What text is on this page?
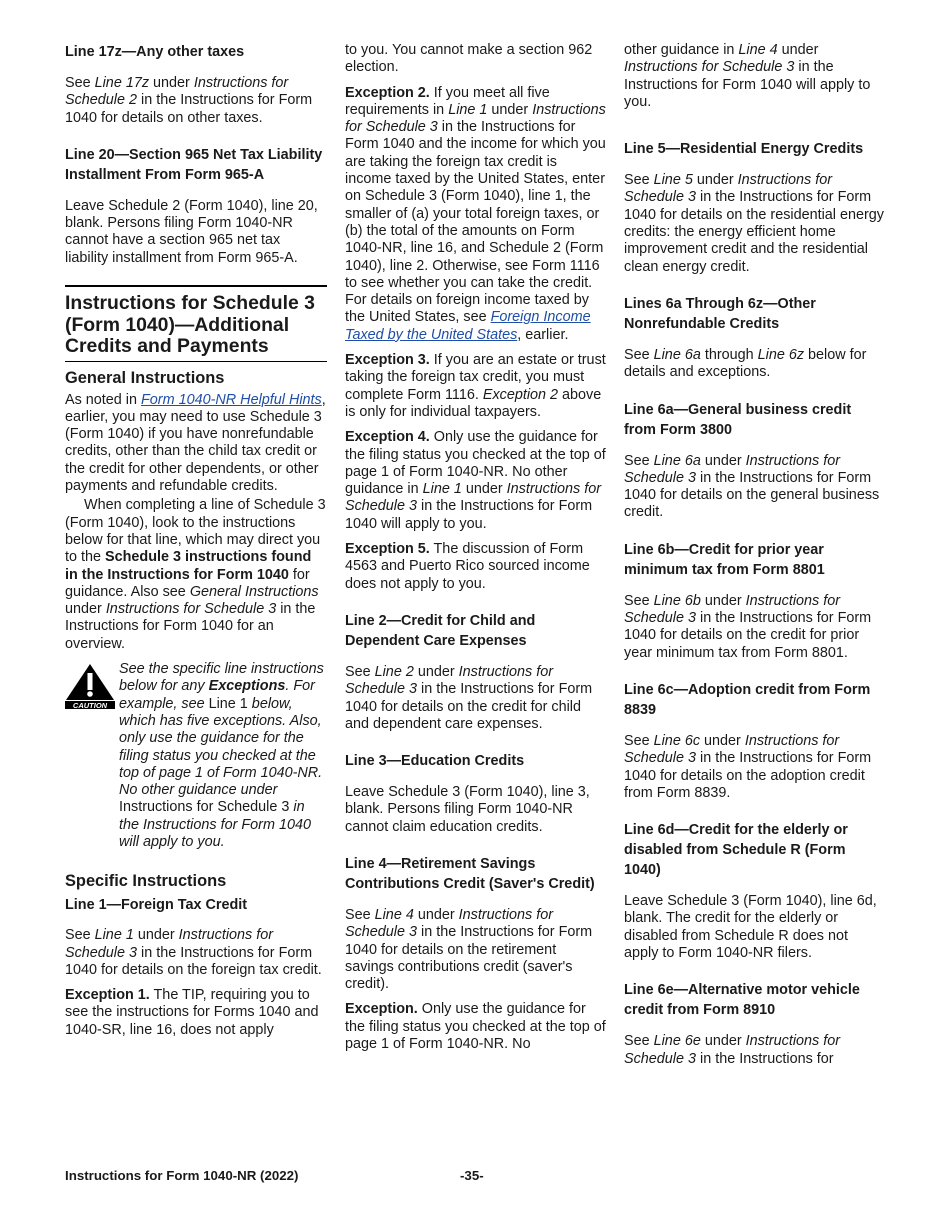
Line 17z—Any other taxes

See Line 17z under Instructions for Schedule 2 in the Instructions for Form 1040 for details on other taxes.

Line 20—Section 965 Net Tax Liability Installment From Form 965-A

Leave Schedule 2 (Form 1040), line 20, blank. Persons filing Form 1040-NR cannot have a section 965 net tax liability installment from Form 965-A.

Instructions for Schedule 3 (Form 1040)—Additional Credits and Payments
General Instructions

As noted in Form 1040-NR Helpful Hints, earlier, you may need to use Schedule 3 (Form 1040) if you have nonrefundable credits, other than the child tax credit or the credit for other dependents, or other payments and refundable credits.

When completing a line of Schedule 3 (Form 1040), look to the instructions below for that line, which may direct you to the Schedule 3 instructions found in the Instructions for Form 1040 for guidance. Also see General Instructions under Instructions for Schedule 3 in the Instructions for Form 1040 for an overview.

CAUTION
See the specific line instructions below for any Exceptions. For example, see Line 1 below, which has five exceptions. Also, only use the guidance for the filing status you checked at the top of page 1 of Form 1040-NR. No other guidance under Instructions for Schedule 3 in the Instructions for Form 1040 will apply to you.
Specific Instructions
Line 1—Foreign Tax Credit

See Line 1 under Instructions for Schedule 3 in the Instructions for Form 1040 for details on the foreign tax credit.

Exception 1. The TIP, requiring you to see the instructions for Forms 1040 and 1040-SR, line 16, does not apply

to you. You cannot make a section 962 election.

Exception 2. If you meet all five requirements in Line 1 under Instructions for Schedule 3 in the Instructions for Form 1040 and the income for which you are taking the foreign tax credit is income taxed by the United States, enter on Schedule 3 (Form 1040), line 1, the smaller of (a) your total foreign taxes, or (b) the total of the amounts on Form 1040-NR, line 16, and Schedule 2 (Form 1040), line 2. Otherwise, see Form 1116 to see whether you can take the credit. For details on foreign income taxed by the United States, see Foreign Income Taxed by the United States, earlier.

Exception 3. If you are an estate or trust taking the foreign tax credit, you must complete Form 1116. Exception 2 above is only for individual taxpayers.

Exception 4. Only use the guidance for the filing status you checked at the top of page 1 of Form 1040-NR. No other guidance in Line 1 under Instructions for Schedule 3 in the Instructions for Form 1040 will apply to you.

Exception 5. The discussion of Form 4563 and Puerto Rico sourced income does not apply to you.

Line 2—Credit for Child and Dependent Care Expenses

See Line 2 under Instructions for Schedule 3 in the Instructions for Form 1040 for details on the credit for child and dependent care expenses.

Line 3—Education Credits

Leave Schedule 3 (Form 1040), line 3, blank. Persons filing Form 1040-NR cannot claim education credits.

Line 4—Retirement Savings Contributions Credit (Saver's Credit)

See Line 4 under Instructions for Schedule 3 in the Instructions for Form 1040 for details on the retirement savings contributions credit (saver's credit).

Exception. Only use the guidance for the filing status you checked at the top of page 1 of Form 1040-NR. No

other guidance in Line 4 under Instructions for Schedule 3 in the Instructions for Form 1040 will apply to you.

Line 5—Residential Energy Credits

See Line 5 under Instructions for Schedule 3 in the Instructions for Form 1040 for details on the residential energy credits: the energy efficient home improvement credit and the residential clean energy credit.

Lines 6a Through 6z—Other Nonrefundable Credits

See Line 6a through Line 6z below for details and exceptions.

Line 6a—General business credit from Form 3800

See Line 6a under Instructions for Schedule 3 in the Instructions for Form 1040 for details on the general business credit.

Line 6b—Credit for prior year minimum tax from Form 8801

See Line 6b under Instructions for Schedule 3 in the Instructions for Form 1040 for details on the credit for prior year minimum tax from Form 8801.

Line 6c—Adoption credit from Form 8839

See Line 6c under Instructions for Schedule 3 in the Instructions for Form 1040 for details on the adoption credit from Form 8839.

Line 6d—Credit for the elderly or disabled from Schedule R (Form 1040)

Leave Schedule 3 (Form 1040), line 6d, blank. The credit for the elderly or disabled from Schedule R does not apply to Form 1040-NR filers.

Line 6e—Alternative motor vehicle credit from Form 8910

See Line 6e under Instructions for Schedule 3 in the Instructions for

Instructions for Form 1040-NR (2022)	-35-
